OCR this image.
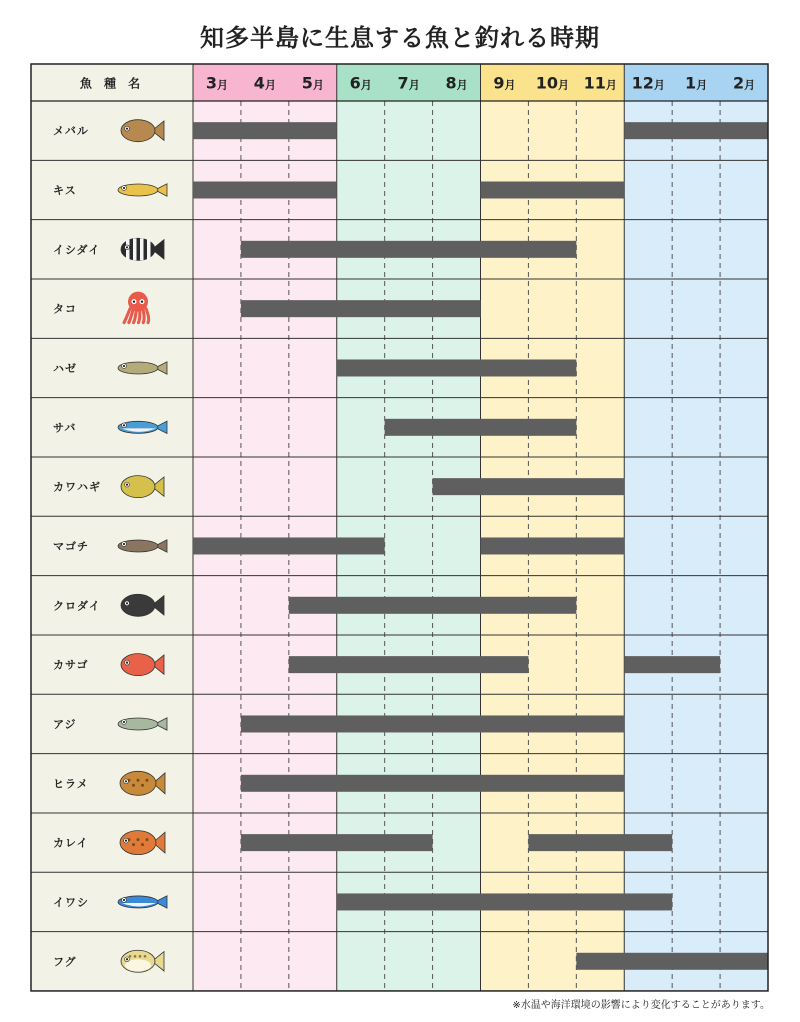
知多半島に生息する魚と釣れる時期
魚 種 名	3月 4月 5月 6月 7月 8月 9月 10月 11月 12月 1月 2月
メバル
キス
イシダイ
タコ
ハゼ
サバ
カワハギ
マゴチ
クロダイ
カサゴ
アジ
ヒラメ
カレイ
イワシ
フグ
※水温や海洋環境の影響により変化することがあります。
